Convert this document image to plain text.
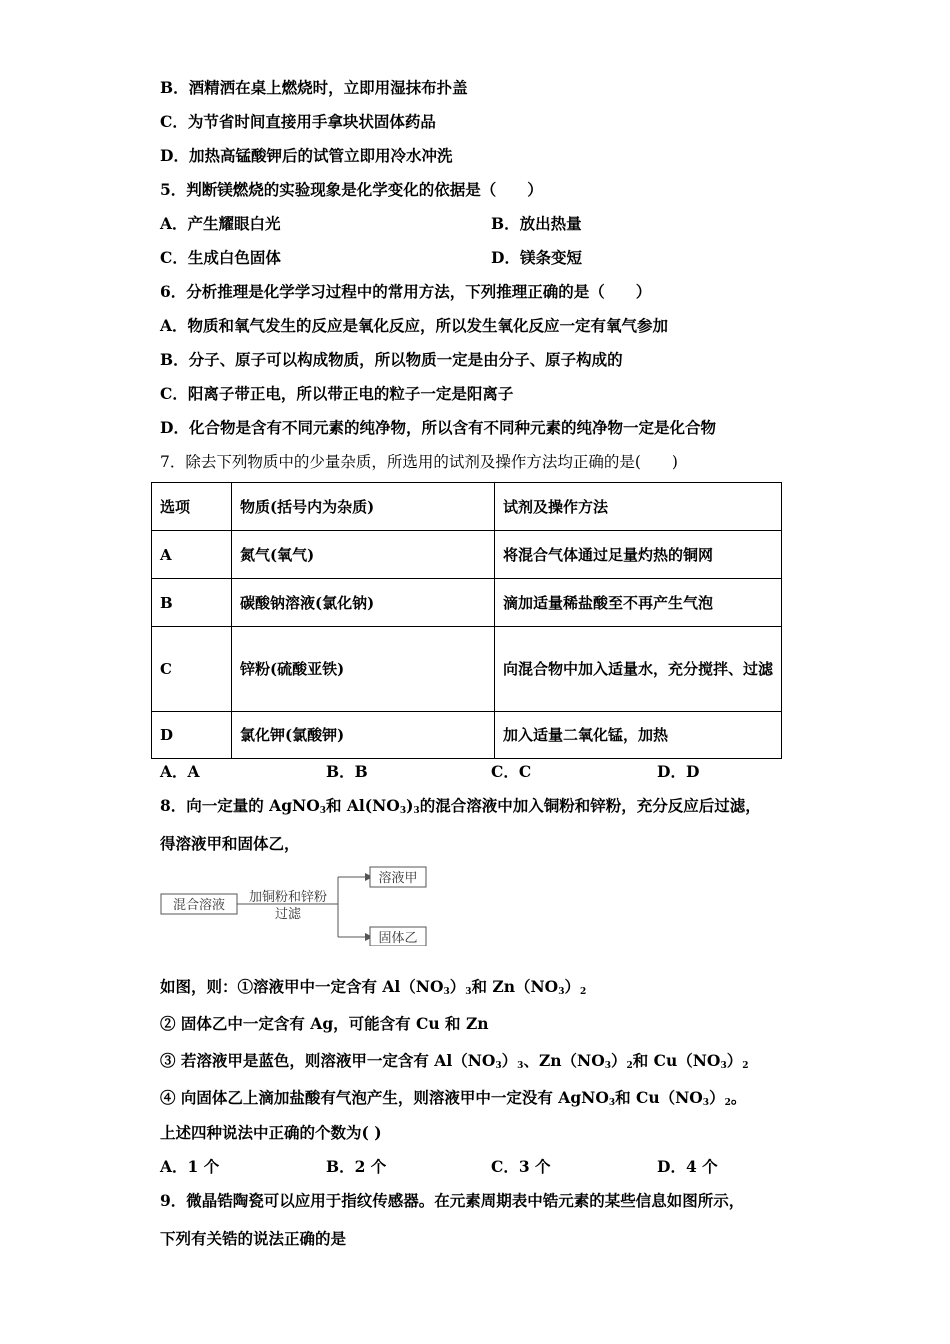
B．酒精洒在桌上燃烧时，立即用湿抹布扑盖
C．为节省时间直接用手拿块状固体药品
D．加热高锰酸钾后的试管立即用冷水冲洗
5．判断镁燃烧的实验现象是化学变化的依据是（　　）
A．产生耀眼白光	B．放出热量
C．生成白色固体	D．镁条变短
6．分析推理是化学学习过程中的常用方法，下列推理正确的是（　　）
A．物质和氧气发生的反应是氧化反应，所以发生氧化反应一定有氧气参加
B．分子、原子可以构成物质，所以物质一定是由分子、原子构成的
C．阳离子带正电，所以带正电的粒子一定是阳离子
D．化合物是含有不同元素的纯净物，所以含有不同种元素的纯净物一定是化合物
7．除去下列物质中的少量杂质，所选用的试剂及操作方法均正确的是(　　)
选项	物质(括号内为杂质)	试剂及操作方法
A	氮气(氧气)	将混合气体通过足量灼热的铜网
B	碳酸钠溶液(氯化钠)	滴加适量稀盐酸至不再产生气泡
C	锌粉(硫酸亚铁)	向混合物中加入适量水，充分搅拌、过滤
D	氯化钾(氯酸钾)	加入适量二氧化锰，加热
A．A	B．B	C．C	D．D
8．向一定量的 AgNO$_3$和 $Al(NO_3)_3$的混合溶液中加入铜粉和锌粉，充分反应后过滤，
得溶液甲和固体乙，
混合溶液
加铜粉和锌粉
过滤
溶液甲
固体乙
如图，则：①溶液甲中一定含有 $Al(NO_3)_3$和 $Zn(NO_3)_2$
② 固体乙中一定含有 Ag，可能含有 Cu 和 Zn
③ 若溶液甲是蓝色，则溶液甲一定含有 $Al(NO_3)_3$、$Zn(NO_3)_2$和 $Cu(NO_3)_2$
④ 向固体乙上滴加盐酸有气泡产生，则溶液甲中一定没有 AgNO$_3$和 $Cu(NO_3)_2$。
上述四种说法中正确的个数为( )
A．1 个	B．2 个	C．3 个	D．4 个
9．微晶锆陶瓷可以应用于指纹传感器。在元素周期表中锆元素的某些信息如图所示，
下列有关锆的说法正确的是
